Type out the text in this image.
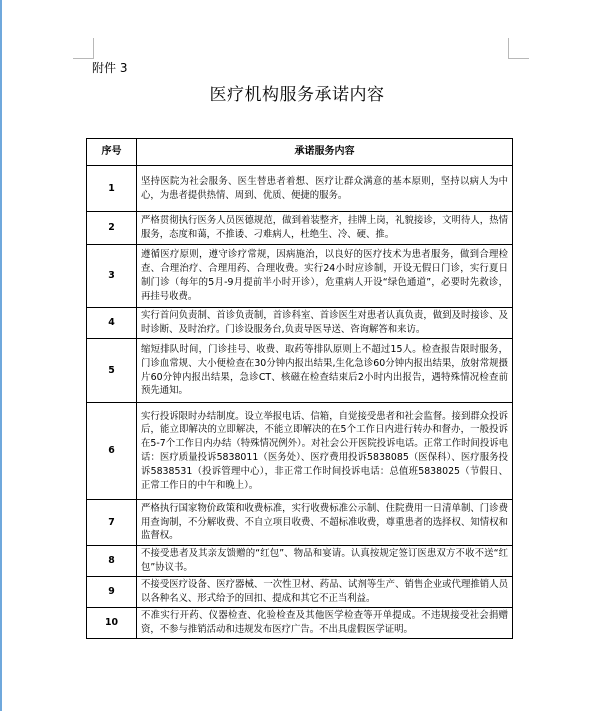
附件 3
医疗机构服务承诺内容
序号	承诺服务内容
1	坚持医院为社会服务、医生替患者着想、医疗让群众满意的基本原则，坚持以病人为中心，为患者提供热情、周到、优质、便捷的服务。
2	严格贯彻执行医务人员医德规范，做到着装整齐，挂牌上岗，礼貌接诊，文明待人，热情服务，态度和蔼，不推诿、刁难病人，杜绝生、冷、硬、推。
3	遵循医疗原则，遵守诊疗常规，因病施治，以良好的医疗技术为患者服务，做到合理检查、合理治疗、合理用药、合理收费。实行24小时应诊制，开设无假日门诊，实行夏日制门诊（每年的5月-9月提前半小时开诊），危重病人开设“绿色通道”，必要时先救诊，再挂号收费。
4	实行首问负责制、首诊负责制，首诊科室、首诊医生对患者认真负责，做到及时接诊、及时诊断、及时治疗。门诊设服务台,负责导医导送、咨询解答和来访。
5	缩短排队时间，门诊挂号、收费、取药等排队原则上不超过15人。检查报告限时服务，门诊血常规、大小便检查在30分钟内报出结果,生化急诊60分钟内报出结果，放射常规摄片60分钟内报出结果，急诊CT、核磁在检查结束后2小时内出报告，遇特殊情况检查前预先通知。
6	实行投诉限时办结制度。设立举报电话、信箱，自觉接受患者和社会监督。接到群众投诉后，能立即解决的立即解决，不能立即解决的在5个工作日内进行转办和督办，一般投诉在5-7个工作日内办结（特殊情况例外）。对社会公开医院投诉电话。正常工作时间投诉电话：医疗质量投诉5838011（医务处）、医疗费用投诉5838085（医保科）、医疗服务投诉5838531（投诉管理中心），非正常工作时间投诉电话：总值班5838025（节假日、正常工作日的中午和晚上）。
7	严格执行国家物价政策和收费标准，实行收费标准公示制、住院费用一日清单制、门诊费用查询制，不分解收费、不自立项目收费、不超标准收费，尊重患者的选择权、知情权和监督权。
8	不接受患者及其亲友馈赠的“红包”、物品和宴请。认真按规定签订医患双方不收不送“红包”协议书。
9	不接受医疗设备、医疗器械、一次性卫材、药品、试剂等生产、销售企业或代理推销人员以各种名义、形式给予的回扣、提成和其它不正当利益。
10	不准实行开药、仪器检查、化验检查及其他医学检查等开单提成。不违规接受社会捐赠资，不参与推销活动和违规发布医疗广告。不出具虚假医学证明。
